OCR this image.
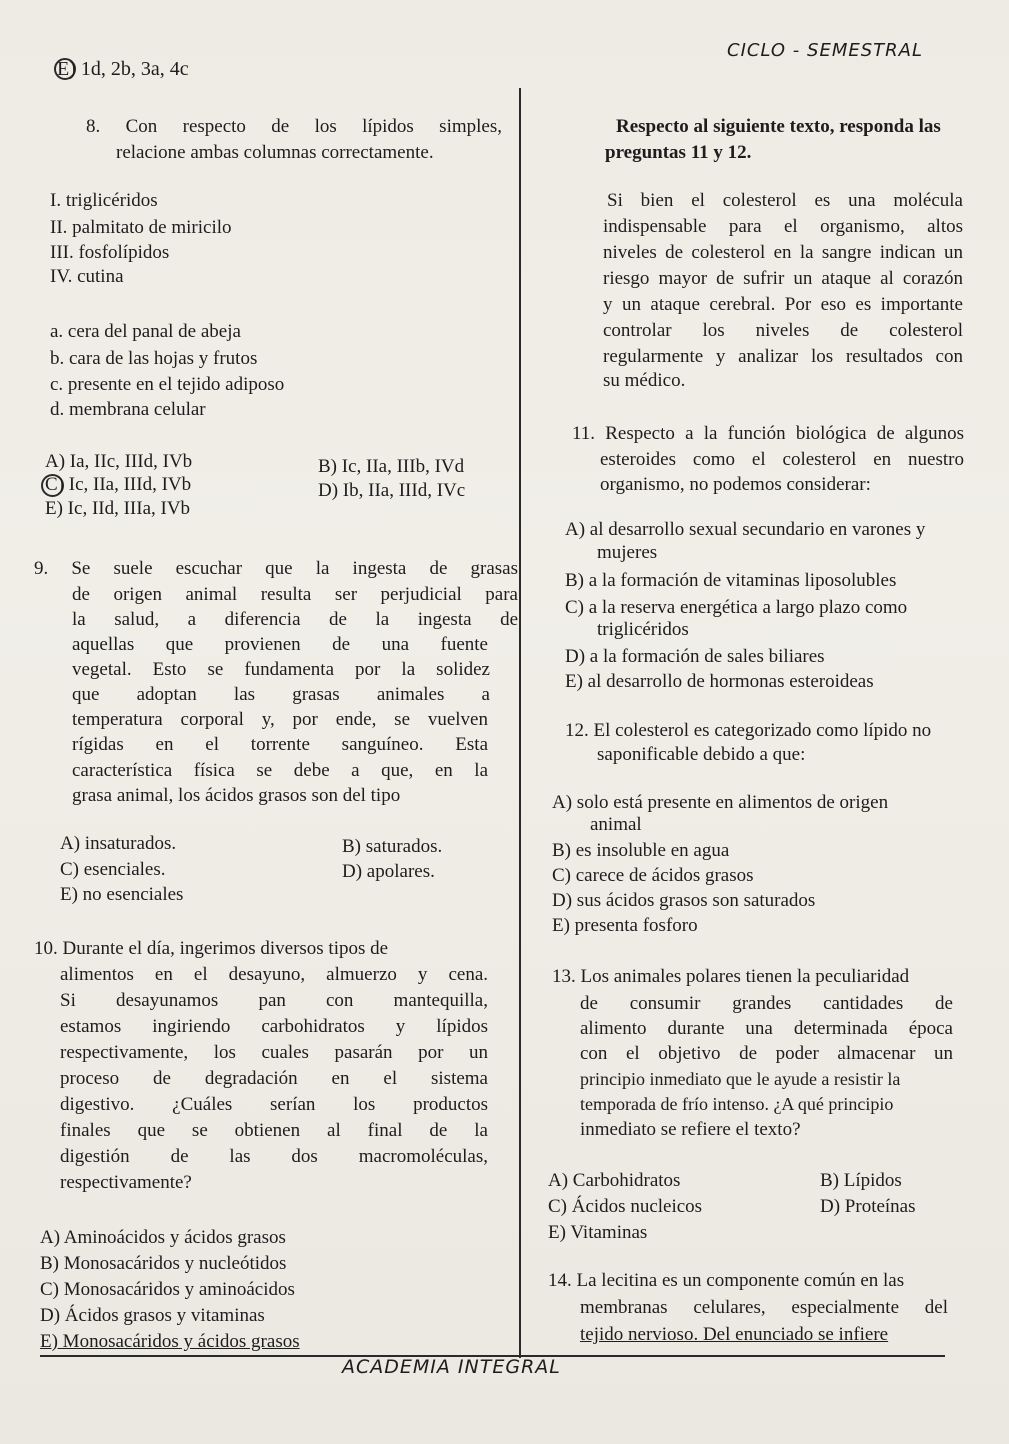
CICLO - SEMESTRAL
E) 1d, 2b, 3a, 4c
8. Con respecto de los lípidos simples,
relacione ambas columnas correctamente.
I. triglicéridos
II. palmitato de miricilo
III. fosfolípidos
IV. cutina
a. cera del panal de abeja
b. cara de las hojas y frutos
c. presente en el tejido adiposo
d. membrana celular
A) Ia, IIc, IIId, IVb	B) Ic, IIa, IIIb, IVd
C) Ic, IIa, IIId, IVb	D) Ib, IIa, IIId, IVc
E) Ic, IId, IIIa, IVb
9. Se suele escuchar que la ingesta de grasas
de origen animal resulta ser perjudicial para
la salud, a diferencia de la ingesta de
aquellas que provienen de una fuente
vegetal. Esto se fundamenta por la solidez
que adoptan las grasas animales a
temperatura corporal y, por ende, se vuelven
rígidas en el torrente sanguíneo. Esta
característica física se debe a que, en la
grasa animal, los ácidos grasos son del tipo
A) insaturados.	B) saturados.
C) esenciales.	D) apolares.
E) no esenciales
10. Durante el día, ingerimos diversos tipos de
alimentos en el desayuno, almuerzo y cena.
Si desayunamos pan con mantequilla,
estamos ingiriendo carbohidratos y lípidos
respectivamente, los cuales pasarán por un
proceso de degradación en el sistema
digestivo. ¿Cuáles serían los productos
finales que se obtienen al final de la
digestión de las dos macromoléculas,
respectivamente?
A) Aminoácidos y ácidos grasos
B) Monosacáridos y nucleótidos
C) Monosacáridos y aminoácidos
D) Ácidos grasos y vitaminas
E) Monosacáridos y ácidos grasos
Respecto al siguiente texto, responda las
preguntas 11 y 12.
Si bien el colesterol es una molécula
indispensable para el organismo, altos
niveles de colesterol en la sangre indican un
riesgo mayor de sufrir un ataque al corazón
y un ataque cerebral. Por eso es importante
controlar los niveles de colesterol
regularmente y analizar los resultados con
su médico.
11. Respecto a la función biológica de algunos
esteroides como el colesterol en nuestro
organismo, no podemos considerar:
A) al desarrollo sexual secundario en varones y
mujeres
B) a la formación de vitaminas liposolubles
C) a la reserva energética a largo plazo como
triglicéridos
D) a la formación de sales biliares
E) al desarrollo de hormonas esteroideas
12. El colesterol es categorizado como lípido no
saponificable debido a que:
A) solo está presente en alimentos de origen
animal
B) es insoluble en agua
C) carece de ácidos grasos
D) sus ácidos grasos son saturados
E) presenta fosforo
13. Los animales polares tienen la peculiaridad
de consumir grandes cantidades de
alimento durante una determinada época
con el objetivo de poder almacenar un
principio inmediato que le ayude a resistir la
temporada de frío intenso. ¿A qué principio
inmediato se refiere el texto?
A) Carbohidratos	B) Lípidos
C) Ácidos nucleicos	D) Proteínas
E) Vitaminas
14. La lecitina es un componente común en las
membranas celulares, especialmente del
tejido nervioso. Del enunciado se infiere
ACADEMIA INTEGRAL
